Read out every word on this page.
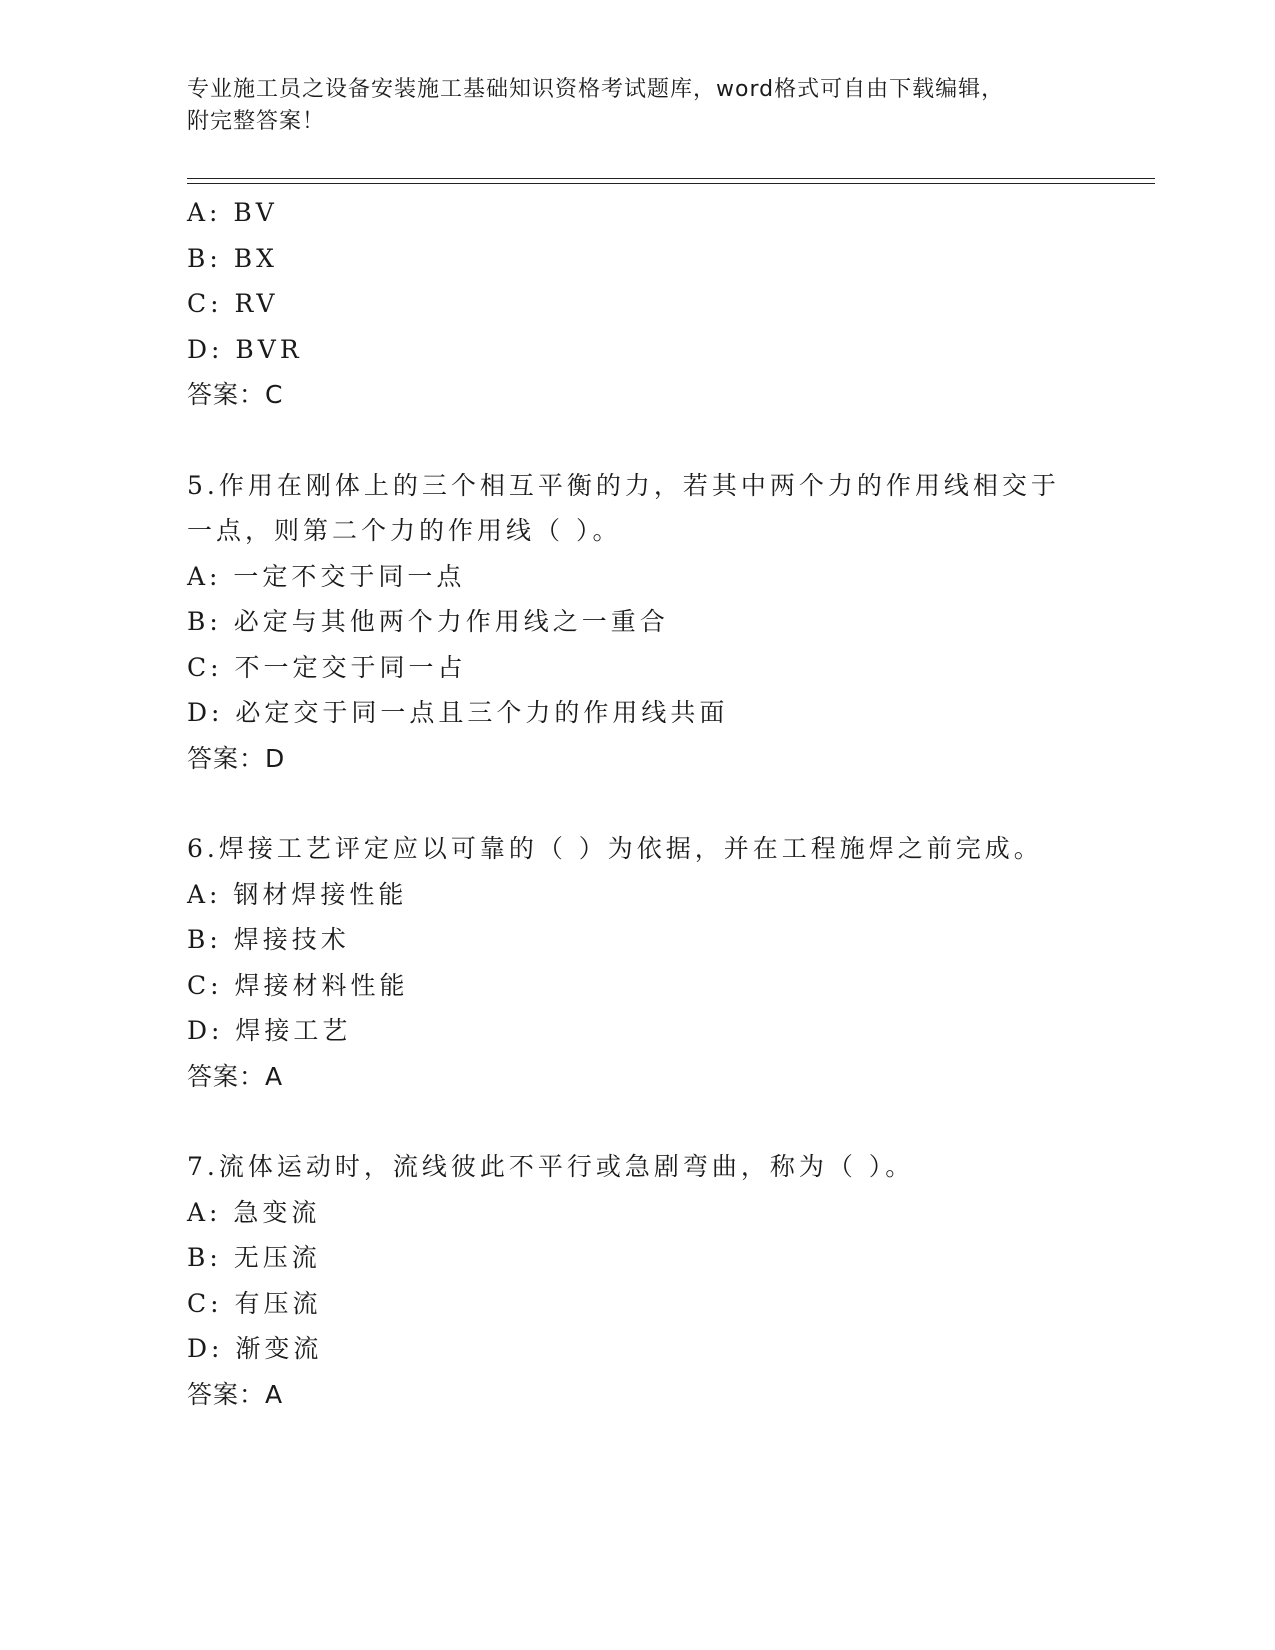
专业施工员之设备安装施工基础知识资格考试题库，word格式可自由下载编辑，
附完整答案！
A: BV
B: BX
C: RV
D: BVR
答案：C
5.作用在刚体上的三个相互平衡的力，若其中两个力的作用线相交于
一点，则第二个力的作用线（ ）。
A: 一定不交于同一点
B: 必定与其他两个力作用线之一重合
C: 不一定交于同一占
D: 必定交于同一点且三个力的作用线共面
答案：D
6.焊接工艺评定应以可靠的（ ）为依据，并在工程施焊之前完成。
A: 钢材焊接性能
B: 焊接技术
C: 焊接材料性能
D: 焊接工艺
答案：A
7.流体运动时，流线彼此不平行或急剧弯曲，称为（ ）。
A: 急变流
B: 无压流
C: 有压流
D: 渐变流
答案：A
